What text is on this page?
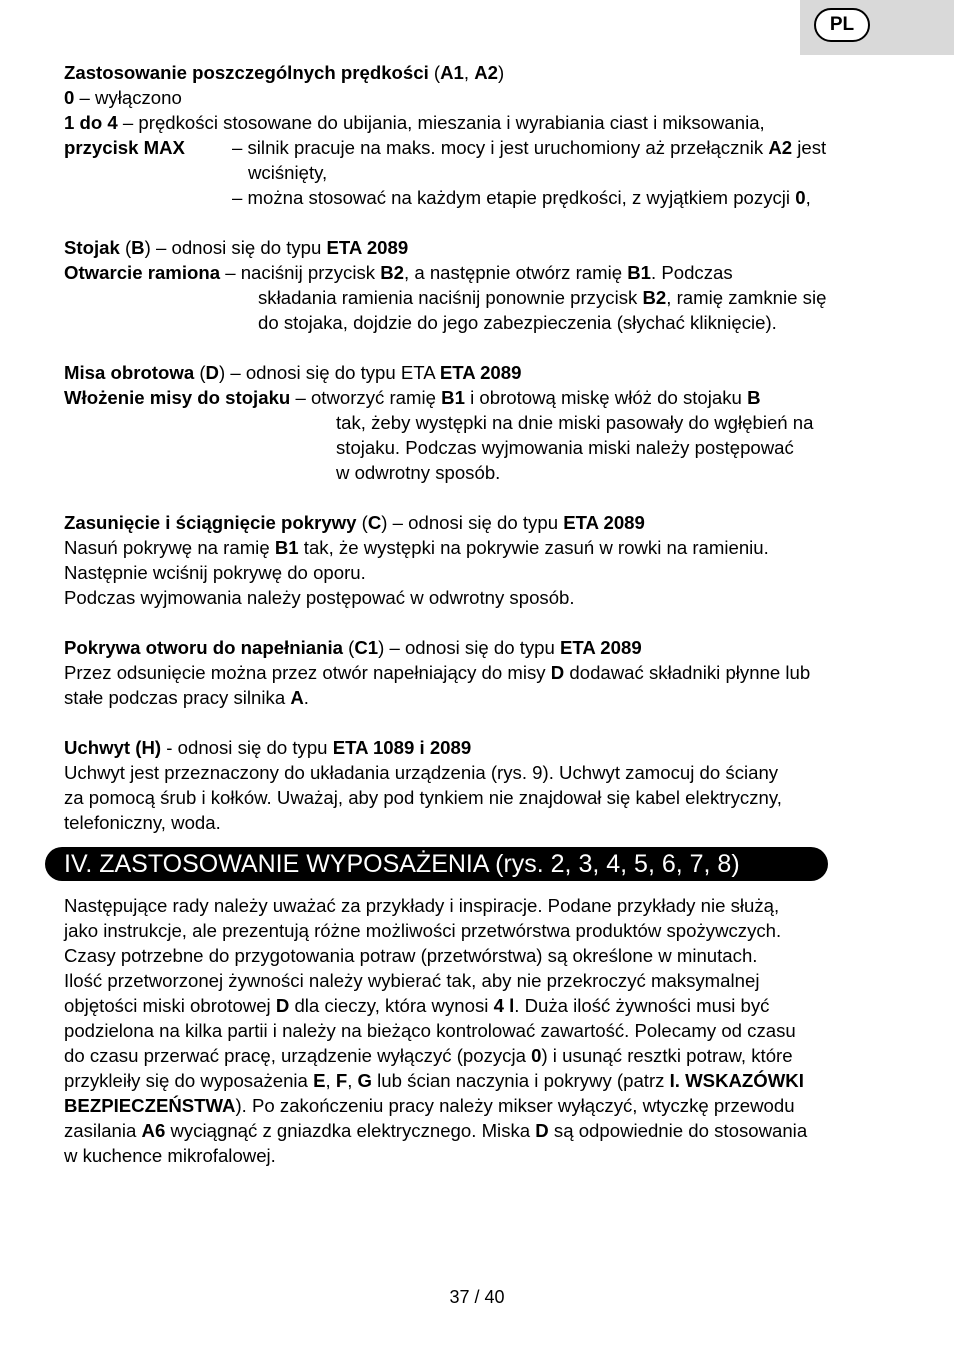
PL
Zastosowanie poszczególnych prędkości (A1, A2)
0 – wyłączono
1 do 4 – prędkości stosowane do ubijania, mieszania i wyrabiania ciast i miksowania,
przycisk MAX	– silnik pracuje na maks. mocy i jest uruchomiony aż przełącznik A2 jest
wciśnięty,
– można stosować na każdym etapie prędkości, z wyjątkiem pozycji 0,
Stojak (B) – odnosi się do typu ETA 2089
Otwarcie ramiona – naciśnij przycisk B2, a następnie otwórz ramię B1. Podczas
składania ramienia naciśnij ponownie przycisk B2, ramię zamknie się
do stojaka, dojdzie do jego zabezpieczenia (słychać kliknięcie).
Misa obrotowa (D) – odnosi się do typu ETA ETA 2089
Włożenie misy do stojaku – otworzyć ramię B1 i obrotową miskę włóż do stojaku B
tak, żeby występki na dnie miski pasowały do wgłębień na
stojaku. Podczas wyjmowania miski należy postępować
w odwrotny sposób.
Zasunięcie i ściągnięcie pokrywy (C) – odnosi się do typu ETA 2089
Nasuń pokrywę na ramię B1 tak, że występki na pokrywie zasuń w rowki na ramieniu.
Następnie wciśnij pokrywę do oporu.
Podczas wyjmowania należy postępować w odwrotny sposób.
Pokrywa otworu do napełniania (C1) – odnosi się do typu ETA 2089
Przez odsunięcie można przez otwór napełniający do misy D dodawać składniki płynne lub
stałe podczas pracy silnika A.
Uchwyt (H) - odnosi się do typu ETA 1089 i 2089
Uchwyt jest przeznaczony do układania urządzenia (rys. 9). Uchwyt zamocuj do ściany
za pomocą śrub i kołków. Uważaj, aby pod tynkiem nie znajdował się kabel elektryczny,
telefoniczny, woda.
IV. ZASTOSOWANIE WYPOSAŻENIA (rys. 2, 3, 4, 5, 6, 7, 8)
Następujące rady należy uważać za przykłady i inspiracje. Podane przykłady nie służą,
jako instrukcje, ale prezentują różne możliwości przetwórstwa produktów spożywczych.
Czasy potrzebne do przygotowania potraw (przetwórstwa) są określone w minutach.
Ilość przetworzonej żywności należy wybierać tak, aby nie przekroczyć maksymalnej
objętości miski obrotowej D dla cieczy, która wynosi 4 l. Duża ilość żywności musi być
podzielona na kilka partii i należy na bieżąco kontrolować zawartość. Polecamy od czasu
do czasu przerwać pracę, urządzenie wyłączyć (pozycja 0) i usunąć resztki potraw, które
przykleiły się do wyposażenia E, F, G lub ścian naczynia i pokrywy (patrz I. WSKAZÓWKI
BEZPIECZEŃSTWA). Po zakończeniu pracy należy mikser wyłączyć, wtyczkę przewodu
zasilania A6 wyciągnąć z gniazdka elektrycznego. Miska D są odpowiednie do stosowania
w kuchence mikrofalowej.
37 / 40
